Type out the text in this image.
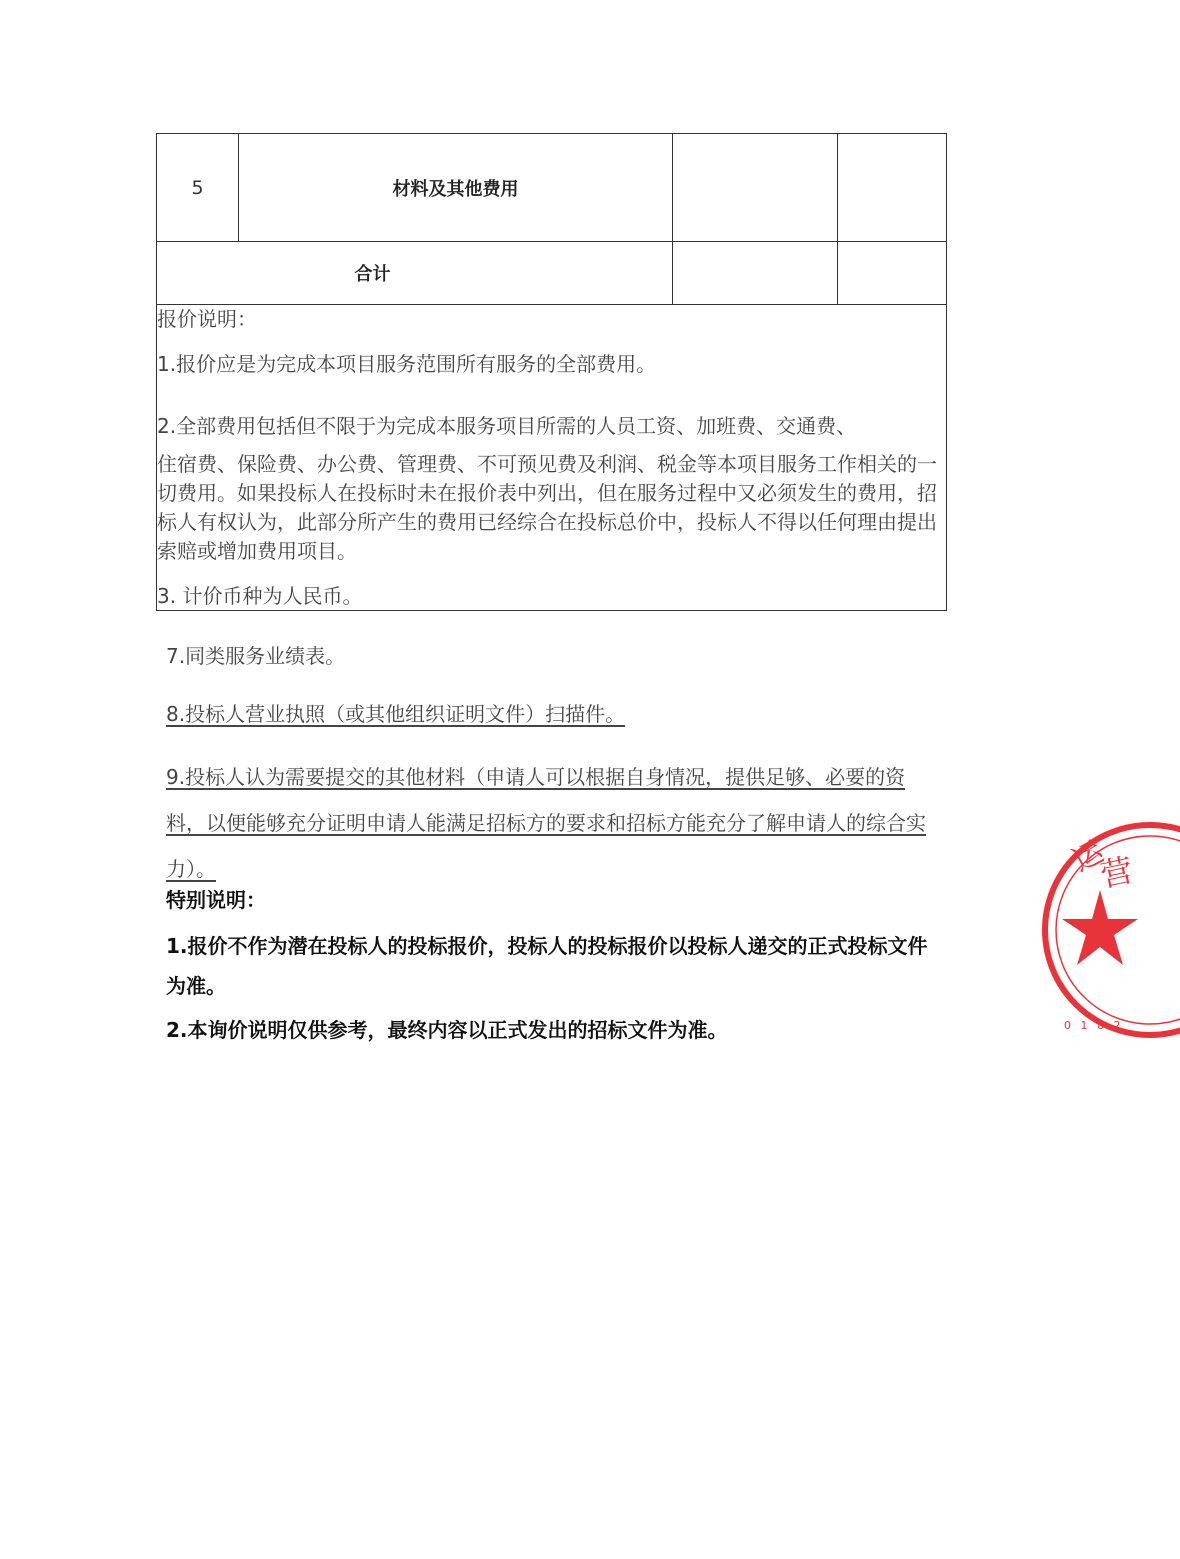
5	材料及其他费用		
合计			

报价说明：

1.报价应是为完成本项目服务范围所有服务的全部费用。

2.全部费用包括但不限于为完成本服务项目所需的人员工资、加班费、交通费、

住宿费、保险费、办公费、管理费、不可预见费及利润、税金等本项目服务工作相关的一切费用。如果投标人在投标时未在报价表中列出，但在服务过程中又必须发生的费用，招标人有权认为，此部分所产生的费用已经综合在投标总价中，投标人不得以任何理由提出索赔或增加费用项目。

3. 计价币种为人民币。			

7.同类服务业绩表。
8.投标人营业执照（或其他组织证明文件）扫描件。
9.投标人认为需要提交的其他材料（申请人可以根据自身情况，提供足够、必要的资料，以便能够充分证明申请人能满足招标方的要求和招标方能充分了解申请人的综合实力）。
特别说明：
1.报价不作为潜在投标人的投标报价，投标人的投标报价以投标人递交的正式投标文件为准。
2.本询价说明仅供参考，最终内容以正式发出的招标文件为准。
运
营
0 1 8 2
